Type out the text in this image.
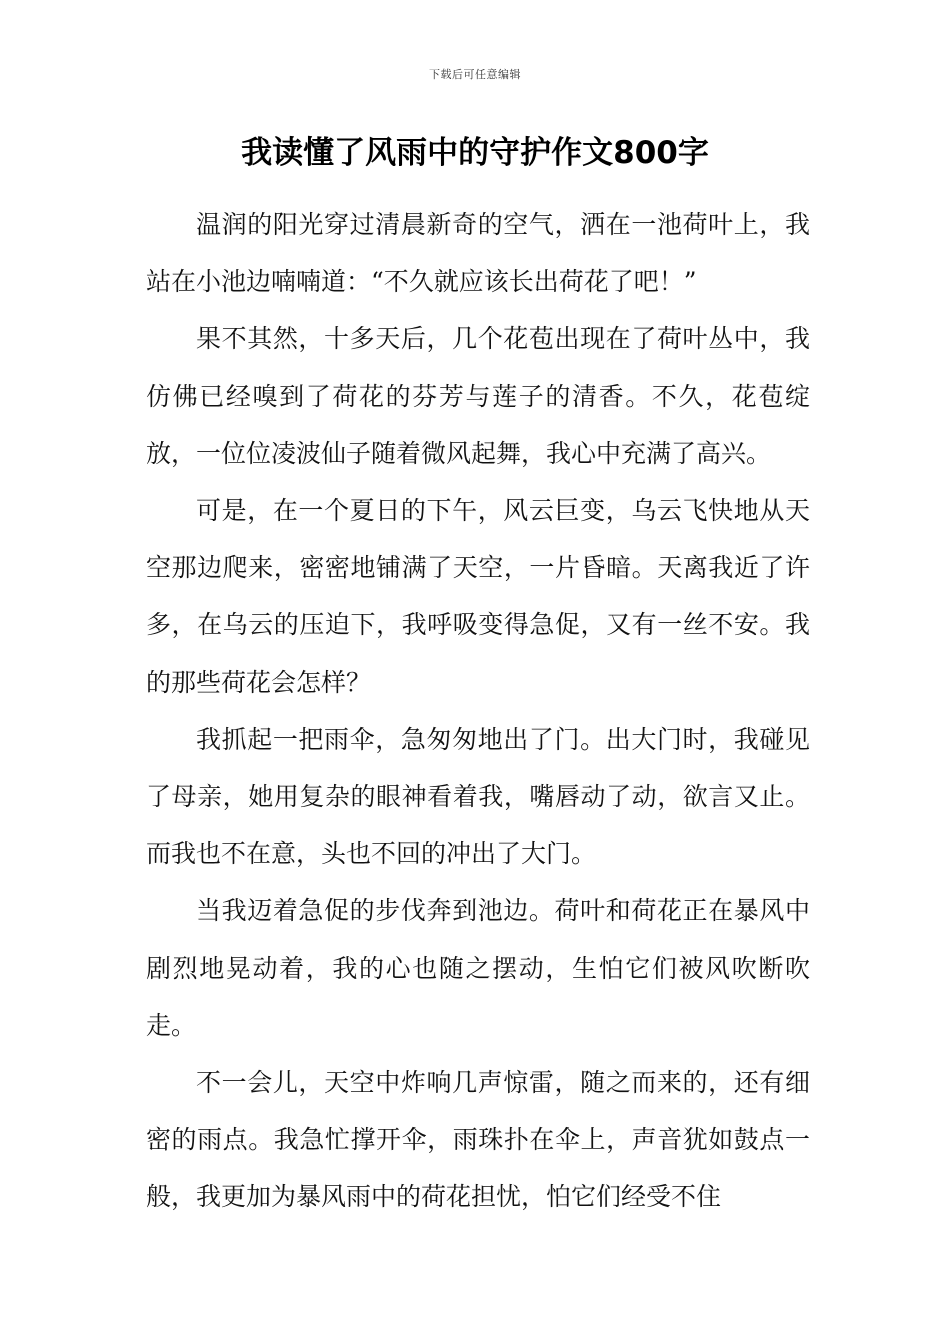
下载后可任意编辑
我读懂了风雨中的守护作文800字

温润的阳光穿过清晨新奇的空气，洒在一池荷叶上，我站在小池边喃喃道：“不久就应该长出荷花了吧！”

果不其然，十多天后，几个花苞出现在了荷叶丛中，我仿佛已经嗅到了荷花的芬芳与莲子的清香。不久，花苞绽放，一位位凌波仙子随着微风起舞，我心中充满了高兴。

可是，在一个夏日的下午，风云巨变，乌云飞快地从天空那边爬来，密密地铺满了天空，一片昏暗。天离我近了许多，在乌云的压迫下，我呼吸变得急促，又有一丝不安。我的那些荷花会怎样？

我抓起一把雨伞，急匆匆地出了门。出大门时，我碰见了母亲，她用复杂的眼神看着我，嘴唇动了动，欲言又止。而我也不在意，头也不回的冲出了大门。

当我迈着急促的步伐奔到池边。荷叶和荷花正在暴风中剧烈地晃动着，我的心也随之摆动，生怕它们被风吹断吹走。

不一会儿，天空中炸响几声惊雷，随之而来的，还有细密的雨点。我急忙撑开伞，雨珠扑在伞上，声音犹如鼓点一般，我更加为暴风雨中的荷花担忧，怕它们经受不住
